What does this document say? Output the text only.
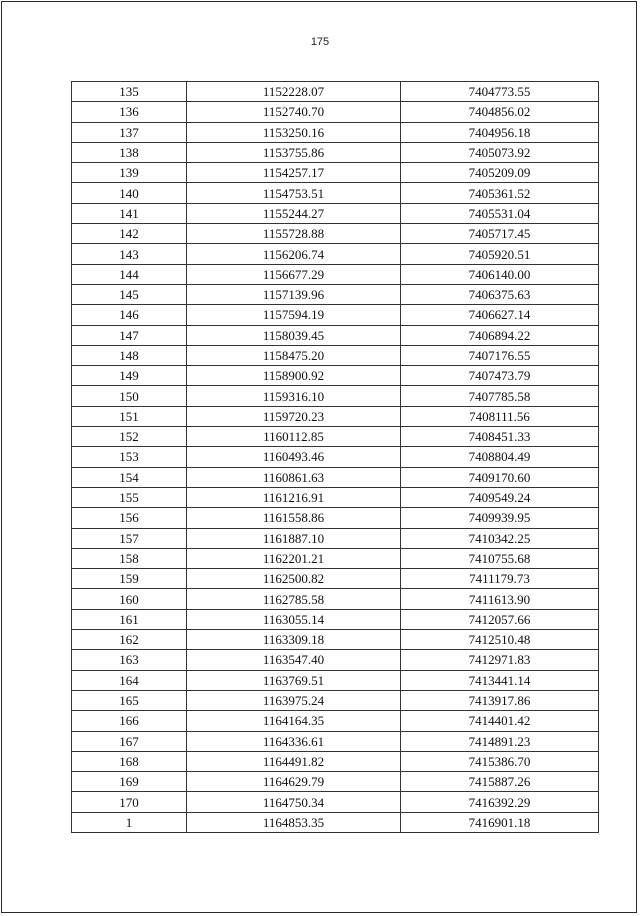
175
135	1152228.07	7404773.55
136	1152740.70	7404856.02
137	1153250.16	7404956.18
138	1153755.86	7405073.92
139	1154257.17	7405209.09
140	1154753.51	7405361.52
141	1155244.27	7405531.04
142	1155728.88	7405717.45
143	1156206.74	7405920.51
144	1156677.29	7406140.00
145	1157139.96	7406375.63
146	1157594.19	7406627.14
147	1158039.45	7406894.22
148	1158475.20	7407176.55
149	1158900.92	7407473.79
150	1159316.10	7407785.58
151	1159720.23	7408111.56
152	1160112.85	7408451.33
153	1160493.46	7408804.49
154	1160861.63	7409170.60
155	1161216.91	7409549.24
156	1161558.86	7409939.95
157	1161887.10	7410342.25
158	1162201.21	7410755.68
159	1162500.82	7411179.73
160	1162785.58	7411613.90
161	1163055.14	7412057.66
162	1163309.18	7412510.48
163	1163547.40	7412971.83
164	1163769.51	7413441.14
165	1163975.24	7413917.86
166	1164164.35	7414401.42
167	1164336.61	7414891.23
168	1164491.82	7415386.70
169	1164629.79	7415887.26
170	1164750.34	7416392.29
1	1164853.35	7416901.18
